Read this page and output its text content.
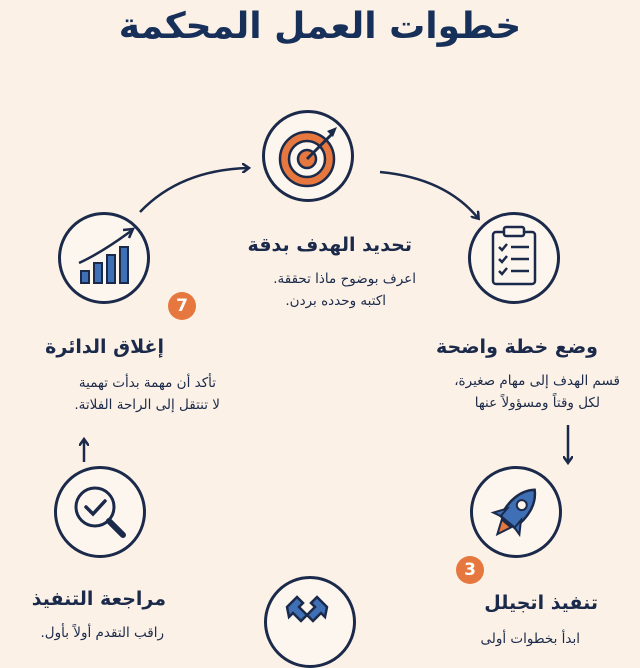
خطوات العمل المحكمة
تحديد الهدف بدقة
اعرف بوضوح ماذا تحققة.
اكتبه وحدده بردن.
وضع خطة واضحة
قسم الهدف إلى مهام صغيرة،
لكل وقتاً ومسؤولاً عنها
3
تنفيذ اتجيلل
ابدأ بخطوات أولى
مراجعة التنفيذ
راقب التقدم أولاً بأول.
7
إغلاق الدائرة
تأكد أن مهمة بدأت تهمية
لا تنتقل إلى الراحة الفلاتة.
